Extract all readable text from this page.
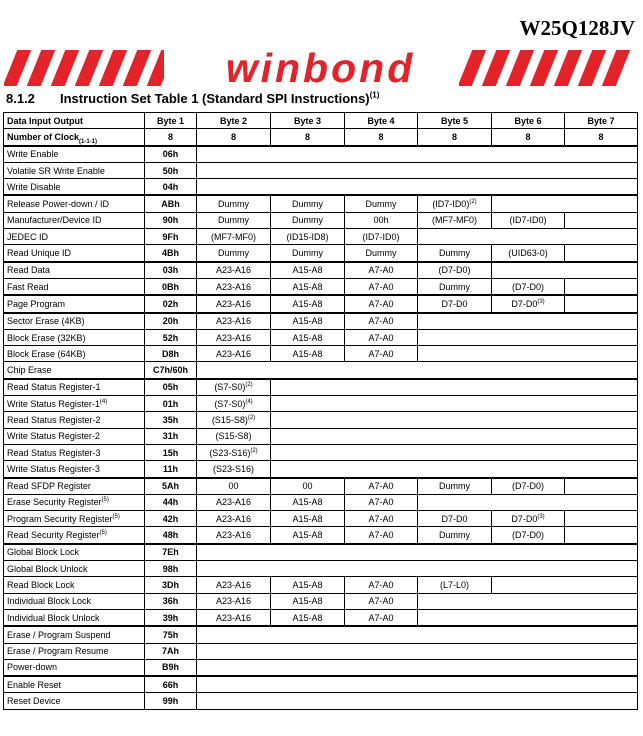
W25Q128JV
winbond
8.1.2 Instruction Set Table 1 (Standard SPI Instructions)$^{(1)}$
Data Input Output	Byte 1	Byte 2	Byte 3	Byte 4	Byte 5	Byte 6	Byte 7
Number of Clock$_{(1-1-1)}$	8	8	8	8	8	8	8
Write Enable	06h						
Volatile SR Write Enable	50h						
Write Disable	04h						
Release Power-down / ID	ABh	Dummy	Dummy	Dummy	$(ID7-ID0)^{(2)}$	
Manufacturer/Device ID	90h	Dummy	Dummy	00h	(MF7-MF0)	(ID7-ID0)	
JEDEC ID	9Fh	(MF7-MF0)	(ID15-ID8)	(ID7-ID0)			
Read Unique ID	4Bh	Dummy	Dummy	Dummy	Dummy	(UID63-0)	
Read Data	03h	A23-A16	A15-A8	A7-A0	(D7-D0)		
Fast Read	0Bh	A23-A16	A15-A8	A7-A0	Dummy	(D7-D0)	
Page Program	02h	A23-A16	A15-A8	A7-A0	D7-D0	D7-D0$^{(3)}$	
Sector Erase (4KB)	20h	A23-A16	A15-A8	A7-A0			
Block Erase (32KB)	52h	A23-A16	A15-A8	A7-A0			
Block Erase (64KB)	D8h	A23-A16	A15-A8	A7-A0			
Chip Erase	C7h/60h						
Read Status Register-1	05h	$(S7-S0)^{(2)}$	
Write Status Register-1$^{(4)}$	01h	$(S7-S0)^{(4)}$	
Read Status Register-2	35h	$(S15-S8)^{(2)}$	
Write Status Register-2	31h	(S15-S8)					
Read Status Register-3	15h	$(S23-S16)^{(2)}$	
Write Status Register-3	11h	(S23-S16)					
Read SFDP Register	5Ah	00	00	A7-A0	Dummy	(D7-D0)	
Erase Security Register$^{(5)}$	44h	A23-A16	A15-A8	A7-A0			
Program Security Register$^{(5)}$	42h	A23-A16	A15-A8	A7-A0	D7-D0	D7-D0$^{(3)}$	
Read Security Register$^{(5)}$	48h	A23-A16	A15-A8	A7-A0	Dummy	(D7-D0)	
Global Block Lock	7Eh						
Global Block Unlock	98h						
Read Block Lock	3Dh	A23-A16	A15-A8	A7-A0	(L7-L0)		
Individual Block Lock	36h	A23-A16	A15-A8	A7-A0			
Individual Block Unlock	39h	A23-A16	A15-A8	A7-A0			
Erase / Program Suspend	75h						
Erase / Program Resume	7Ah						
Power-down	B9h						
Enable Reset	66h						
Reset Device	99h						
